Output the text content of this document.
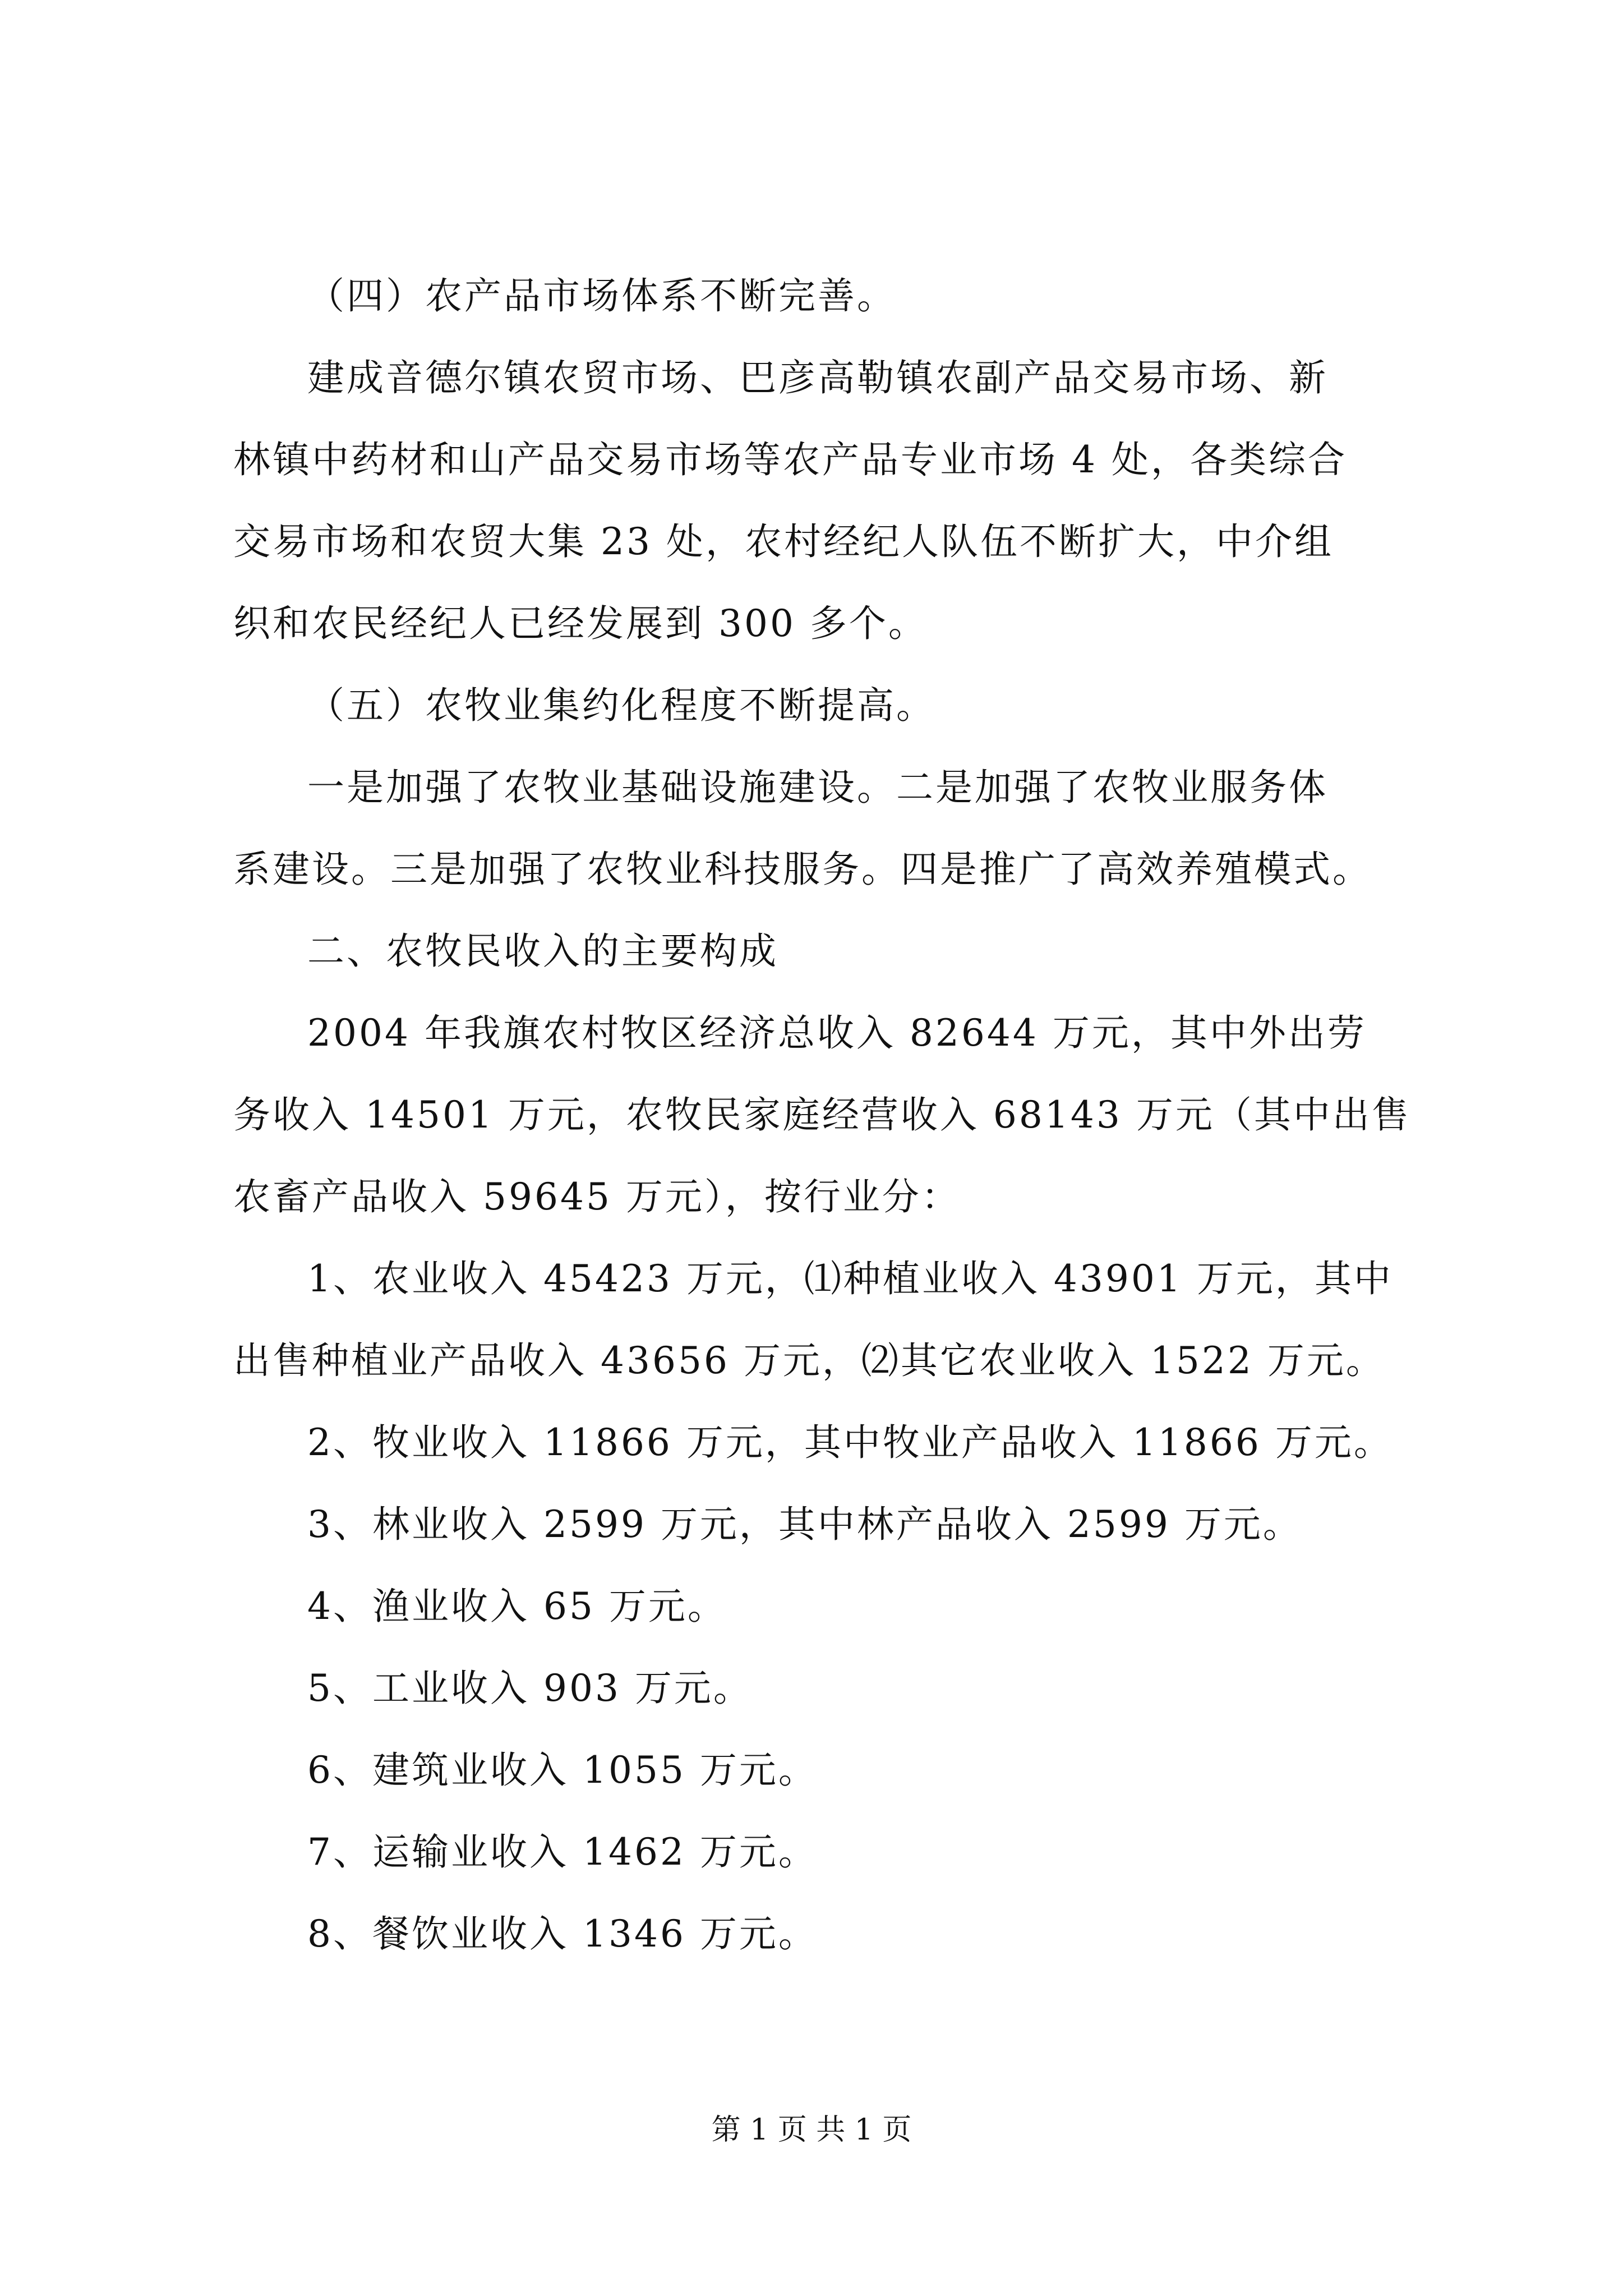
（四）农产品市场体系不断完善。
建成音德尔镇农贸市场、巴彦高勒镇农副产品交易市场、新
林镇中药材和山产品交易市场等农产品专业市场 4 处，各类综合
交易市场和农贸大集 23 处，农村经纪人队伍不断扩大，中介组
织和农民经纪人已经发展到 300 多个。
（五）农牧业集约化程度不断提高。
一是加强了农牧业基础设施建设。二是加强了农牧业服务体
系建设。三是加强了农牧业科技服务。四是推广了高效养殖模式。
二、农牧民收入的主要构成
2004 年我旗农村牧区经济总收入 82644 万元，其中外出劳
务收入 14501 万元，农牧民家庭经营收入 68143 万元（其中出售
农畜产品收入 59645 万元），按行业分：
1、农业收入 45423 万元，⑴种植业收入 43901 万元，其中
出售种植业产品收入 43656 万元，⑵其它农业收入 1522 万元。
2、牧业收入 11866 万元，其中牧业产品收入 11866 万元。
3、林业收入 2599 万元，其中林产品收入 2599 万元。
4、渔业收入 65 万元。
5、工业收入 903 万元。
6、建筑业收入 1055 万元。
7、运输业收入 1462 万元。
8、餐饮业收入 1346 万元。
第 1 页 共 1 页
